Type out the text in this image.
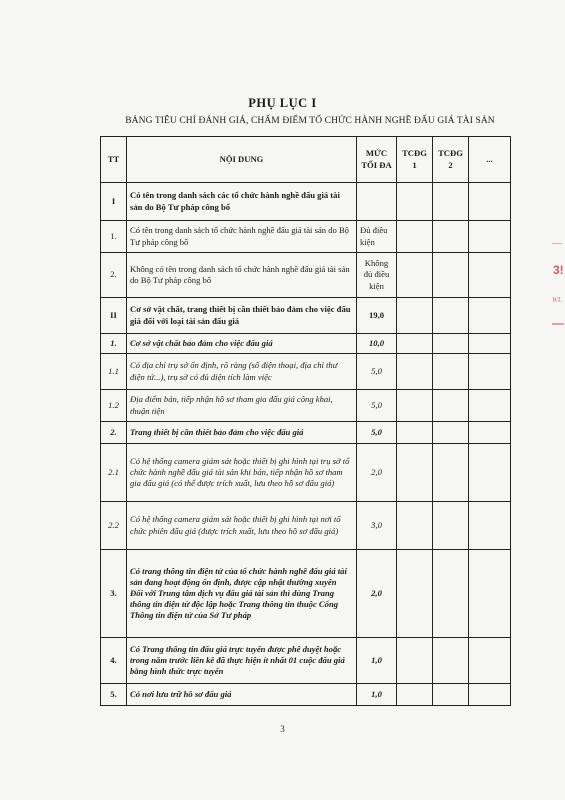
PHỤ LỤC I
BẢNG TIÊU CHÍ ĐÁNH GIÁ, CHẤM ĐIỂM TỔ CHỨC HÀNH NGHỀ ĐẤU GIÁ TÀI SẢN
TT	NỘI DUNG	MỨC TỐI ĐA	TCĐG 1	TCĐG 2	...
I	Có tên trong danh sách các tổ chức hành nghề đấu giá tài sản do Bộ Tư pháp công bố				
1.	Có tên trong danh sách tổ chức hành nghề đấu giá tài sản do Bộ Tư pháp công bố	Đủ điều kiện			
2.	Không có tên trong danh sách tổ chức hành nghề đấu giá tài sản do Bộ Tư pháp công bố	Không đủ điều kiện			
II	Cơ sở vật chất, trang thiết bị cần thiết bảo đảm cho việc đấu giá đối với loại tài sản đấu giá	19,0			
1.	Cơ sở vật chất bảo đảm cho việc đấu giá	10,0			
1.1	Có địa chỉ trụ sở ổn định, rõ ràng (số điện thoại, địa chỉ thư điện tử...), trụ sở có đủ diện tích làm việc	5,0			
1.2	Địa điểm bán, tiếp nhận hồ sơ tham gia đấu giá công khai, thuận tiện	5,0			
2.	Trang thiết bị cần thiết bảo đảm cho việc đấu giá	5,0			
2.1	Có hệ thống camera giám sát hoặc thiết bị ghi hình tại trụ sở tổ chức hành nghề đấu giá tài sản khi bán, tiếp nhận hồ sơ tham gia đấu giá (có thể được trích xuất, lưu theo hồ sơ đấu giá)	2,0			
2.2	Có hệ thống camera giám sát hoặc thiết bị ghi hình tại nơi tổ chức phiên đấu giá (được trích xuất, lưu theo hồ sơ đấu giá)	3,0			
3.	Có trang thông tin điện tử của tổ chức hành nghề đấu giá tài sản đang hoạt động ổn định, được cập nhật thường xuyên
Đối với Trung tâm dịch vụ đấu giá tài sản thì dùng Trang thông tin điện tử độc lập hoặc Trang thông tin thuộc Cổng Thông tin điện tử của Sở Tư pháp	2,0			
4.	Có Trang thông tin đấu giá trực tuyến được phê duyệt hoặc trong năm trước liền kề đã thực hiện ít nhất 01 cuộc đấu giá bằng hình thức trực tuyến	1,0			
5.	Có nơi lưu trữ hồ sơ đấu giá	1,0			
3
3!
WL
